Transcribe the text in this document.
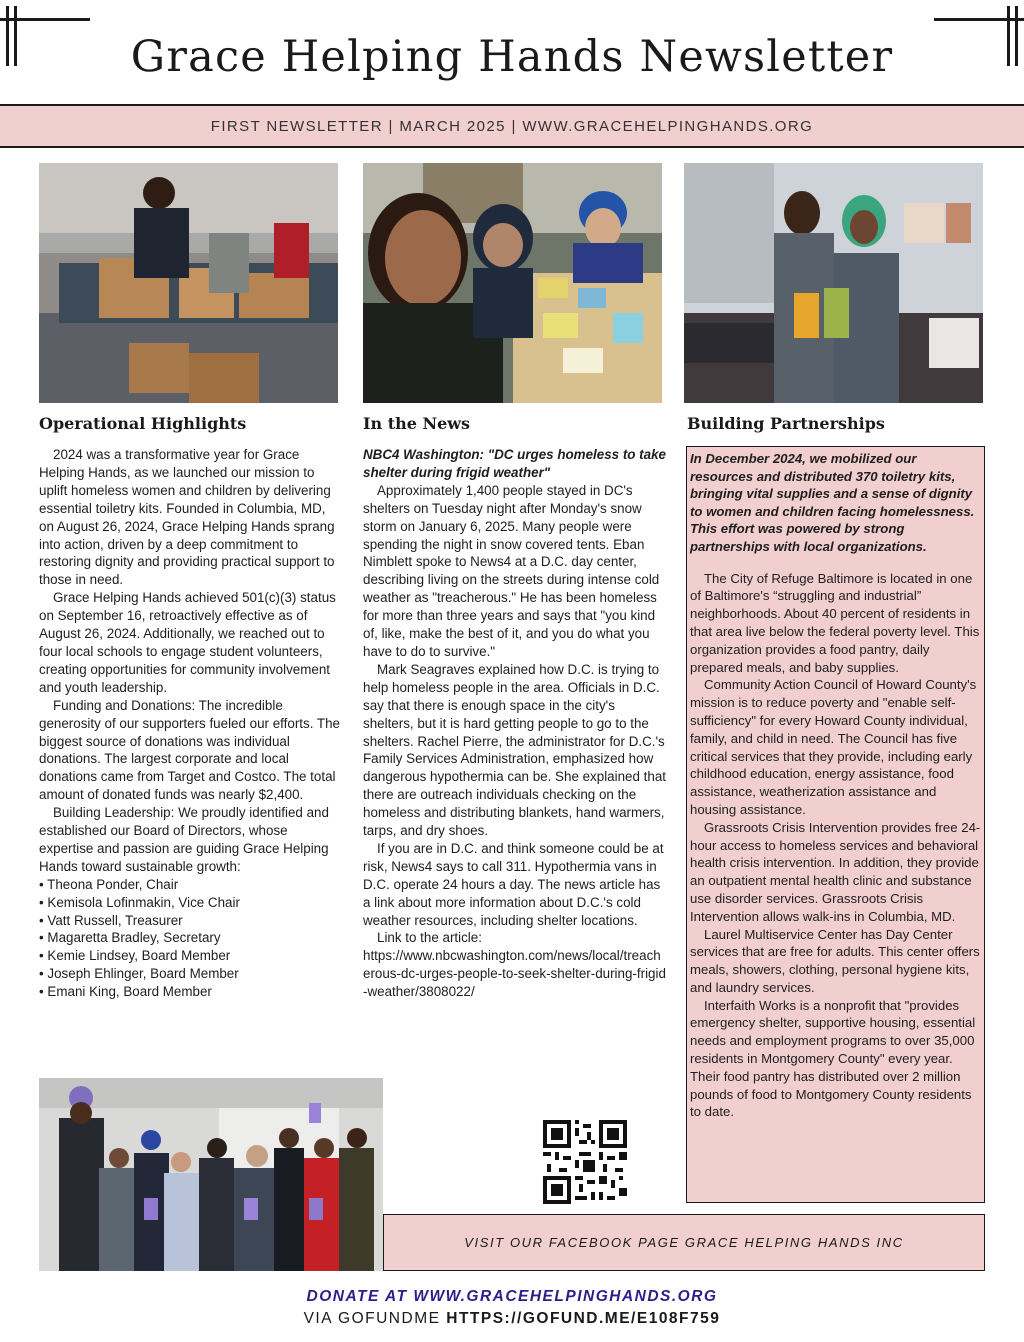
Grace Helping Hands Newsletter
FIRST NEWSLETTER | MARCH 2025 | WWW.GRACEHELPINGHANDS.ORG
Operational Highlights	In the News	Building Partnerships

2024 was a transformative year for Grace Helping Hands, as we launched our mission to uplift homeless women and children by delivering essential toiletry kits. Founded in Columbia, MD, on August 26, 2024, Grace Helping Hands sprang into action, driven by a deep commitment to restoring dignity and providing practical support to those in need.

Grace Helping Hands achieved 501(c)(3) status on September 16, retroactively effective as of August 26, 2024. Additionally, we reached out to four local schools to engage student volunteers, creating opportunities for community involvement and youth leadership.

Funding and Donations: The incredible generosity of our supporters fueled our efforts. The biggest source of donations was individual donations. The largest corporate and local donations came from Target and Costco. The total amount of donated funds was nearly $2,400.

Building Leadership: We proudly identified and established our Board of Directors, whose expertise and passion are guiding Grace Helping Hands toward sustainable growth:

• Theona Ponder, Chair
• Kemisola Lofinmakin, Vice Chair
• Vatt Russell, Treasurer
• Magaretta Bradley, Secretary
• Kemie Lindsey, Board Member
• Joseph Ehlinger, Board Member
• Emani King, Board Member

NBC4 Washington: "DC urges homeless to take shelter during frigid weather"

Approximately 1,400 people stayed in DC's shelters on Tuesday night after Monday's snow storm on January 6, 2025. Many people were spending the night in snow covered tents. Eban Nimblett spoke to News4 at a D.C. day center, describing living on the streets during intense cold weather as "treacherous." He has been homeless for more than three years and says that "you kind of, like, make the best of it, and you do what you have to do to survive."

Mark Seagraves explained how D.C. is trying to help homeless people in the area. Officials in D.C. say that there is enough space in the city's shelters, but it is hard getting people to go to the shelters. Rachel Pierre, the administrator for D.C.'s Family Services Administration, emphasized how dangerous hypothermia can be. She explained that there are outreach individuals checking on the homeless and distributing blankets, hand warmers, tarps, and dry shoes.

If you are in D.C. and think someone could be at risk, News4 says to call 311. Hypothermia vans in D.C. operate 24 hours a day. The news article has a link about more information about D.C.'s cold weather resources, including shelter locations.

Link to the article:

https://www.nbcwashington.com/news/local/treacherous-dc-urges-people-to-seek-shelter-during-frigid-weather/3808022/

In December 2024, we mobilized our resources and distributed 370 toiletry kits, bringing vital supplies and a sense of dignity to women and children facing homelessness. This effort was powered by strong partnerships with local organizations.

The City of Refuge Baltimore is located in one of Baltimore's “struggling and industrial” neighborhoods. About 40 percent of residents in that area live below the federal poverty level. This organization provides a food pantry, daily prepared meals, and baby supplies.

Community Action Council of Howard County's mission is to reduce poverty and "enable self-sufficiency" for every Howard County individual, family, and child in need. The Council has five critical services that they provide, including early childhood education, energy assistance, food assistance, weatherization assistance and housing assistance.

Grassroots Crisis Intervention provides free 24-hour access to homeless services and behavioral health crisis intervention. In addition, they provide an outpatient mental health clinic and substance use disorder services. Grassroots Crisis Intervention allows walk-ins in Columbia, MD.

Laurel Multiservice Center has Day Center services that are free for adults. This center offers meals, showers, clothing, personal hygiene kits, and laundry services.

Interfaith Works is a nonprofit that "provides emergency shelter, supportive housing, essential needs and employment programs to over 35,000 residents in Montgomery County" every year. Their food pantry has distributed over 2 million pounds of food to Montgomery County residents to date.

VISIT OUR FACEBOOK PAGE GRACE HELPING HANDS INC
DONATE AT WWW.GRACEHELPINGHANDS.ORG
VIA GOFUNDME HTTPS://GOFUND.ME/E108F759
